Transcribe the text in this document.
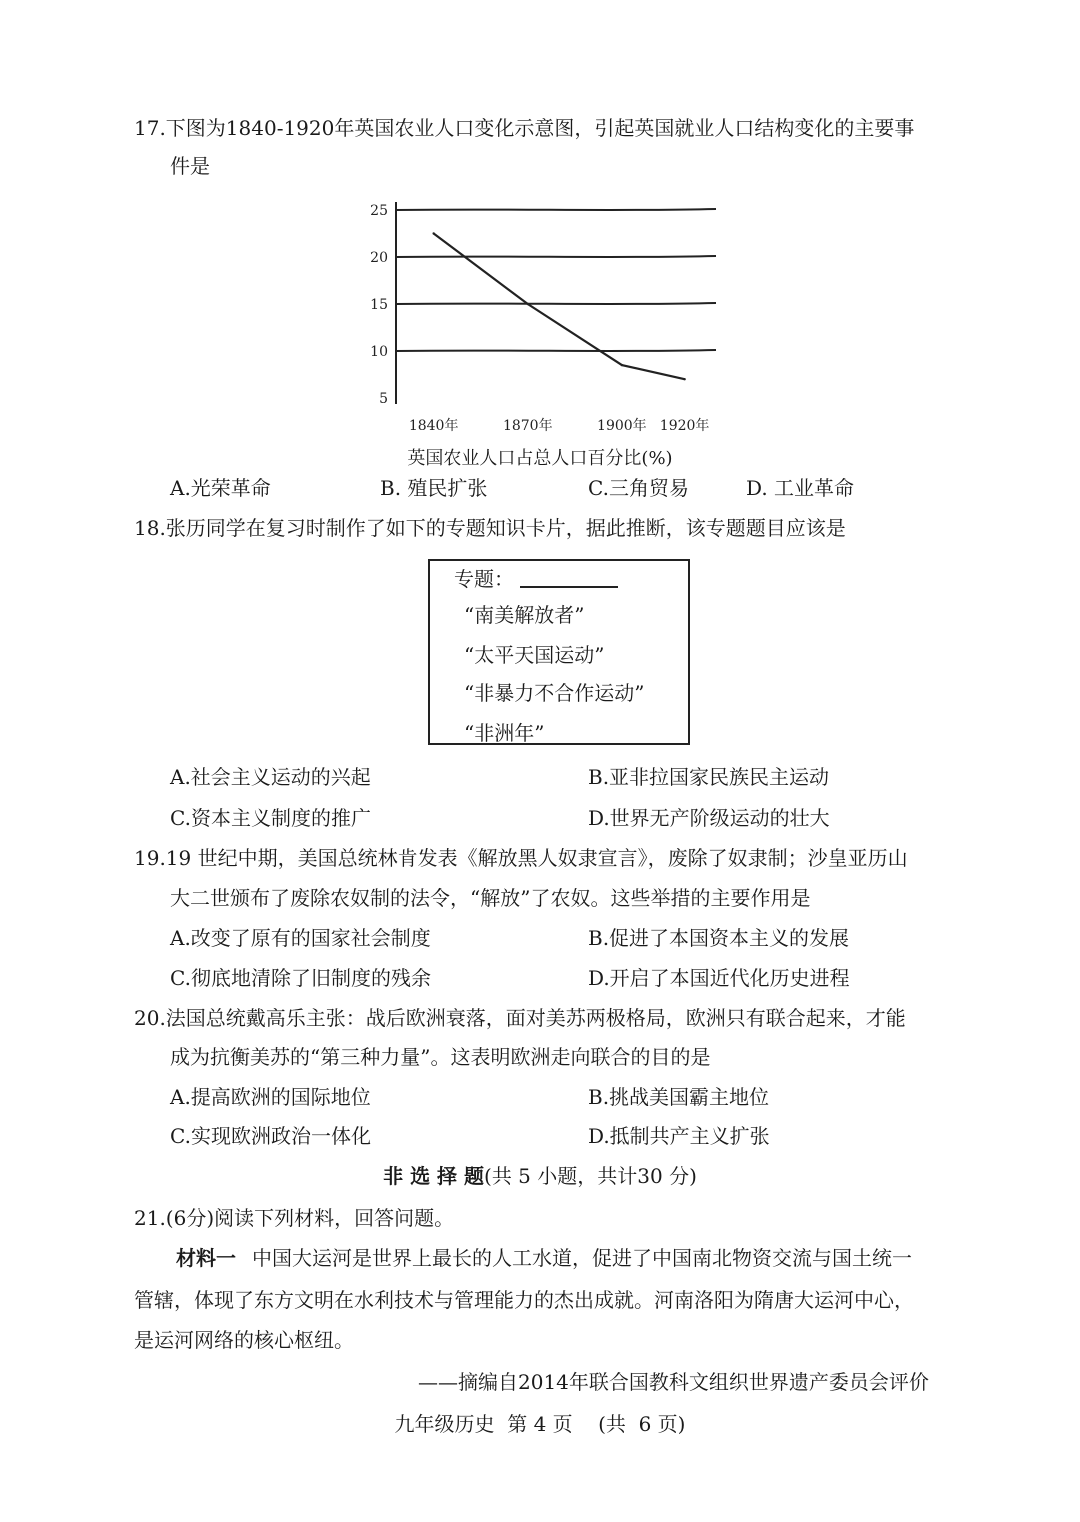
17.下图为1840-1920年英国农业人口变化示意图，引起英国就业人口结构变化的主要事
件是
5
10
15
20
25
1840年	1870年	1900年 1920年
英国农业人口占总人口百分比(%)
A.光荣革命	B. 殖民扩张	C.三角贸易	D. 工业革命
18.张历同学在复习时制作了如下的专题知识卡片，据此推断，该专题题目应该是
专题：
“南美解放者”
“太平天国运动”
“非暴力不合作运动”
“非洲年”
A.社会主义运动的兴起	B.亚非拉国家民族民主运动
C.资本主义制度的推广	D.世界无产阶级运动的壮大
19.19 世纪中期，美国总统林肯发表《解放黑人奴隶宣言》，废除了奴隶制；沙皇亚历山
大二世颁布了废除农奴制的法令，“解放”了农奴。这些举措的主要作用是
A.改变了原有的国家社会制度	B.促进了本国资本主义的发展
C.彻底地清除了旧制度的残余	D.开启了本国近代化历史进程
20.法国总统戴高乐主张：战后欧洲衰落，面对美苏两极格局，欧洲只有联合起来，才能
成为抗衡美苏的“第三种力量”。这表明欧洲走向联合的目的是
A.提高欧洲的国际地位	B.挑战美国霸主地位
C.实现欧洲政治一体化	D.抵制共产主义扩张
非 选 择 题(共 5 小题，共计30 分)
21.(6分)阅读下列材料，回答问题。
材料一 中国大运河是世界上最长的人工水道，促进了中国南北物资交流与国土统一
管辖，体现了东方文明在水利技术与管理能力的杰出成就。河南洛阳为隋唐大运河中心，
是运河网络的核心枢纽。
——摘编自2014年联合国教科文组织世界遗产委员会评价
九年级历史  第 4 页    (共  6 页)
